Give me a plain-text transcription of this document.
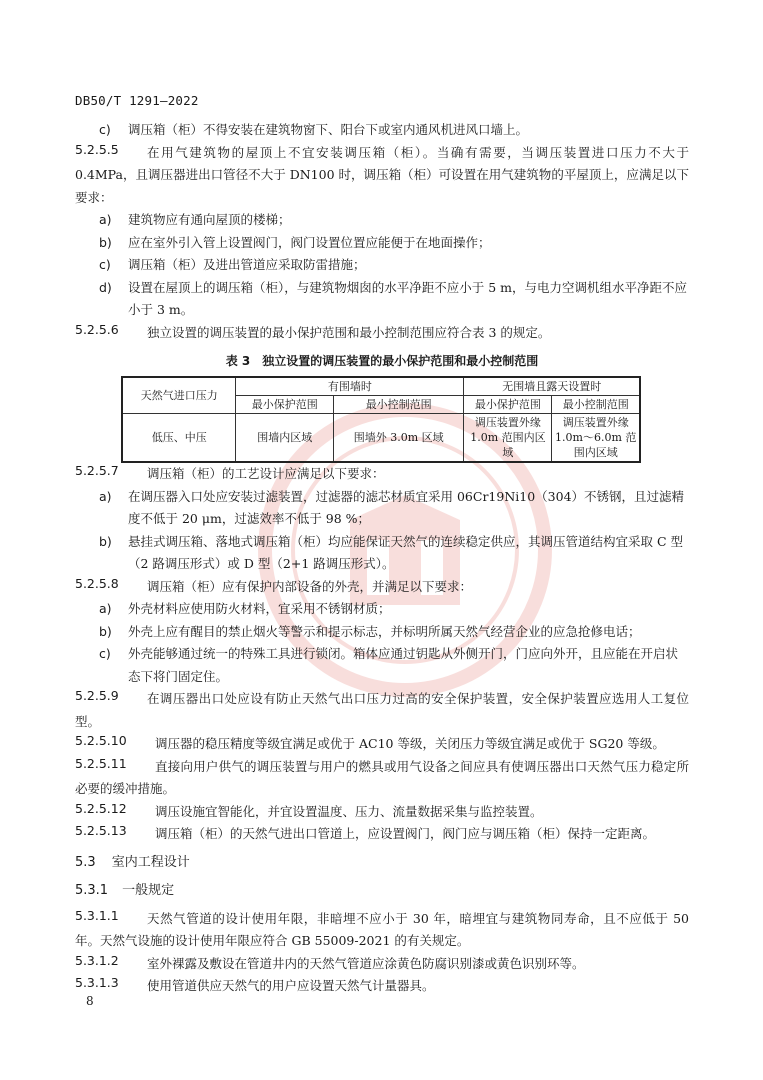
DB50/T 1291—2022
c)	调压箱（柜）不得安装在建筑物窗下、阳台下或室内通风机进风口墙上。
5.2.5.5	在用气建筑物的屋顶上不宜安装调压箱（柜）。当确有需要，当调压装置进口压力不大于 0.4MPa，且调压器进出口管径不大于 DN100 时，调压箱（柜）可设置在用气建筑物的平屋顶上，应满足以下要求：
a)	建筑物应有通向屋顶的楼梯；
b)	应在室外引入管上设置阀门，阀门设置位置应能便于在地面操作；
c)	调压箱（柜）及进出管道应采取防雷措施；
d)	设置在屋顶上的调压箱（柜），与建筑物烟囱的水平净距不应小于 5 m，与电力空调机组水平净距不应小于 3 m。
5.2.5.6	独立设置的调压装置的最小保护范围和最小控制范围应符合表 3 的规定。
表 3　独立设置的调压装置的最小保护范围和最小控制范围
天然气进口压力	有围墙时		无围墙且露天设置时	
	最小保护范围	最小控制范围	最小保护范围	最小控制范围
低压、中压	围墙内区域	围墙外 3.0m 区域	调压装置外缘 1.0m 范围内区域	调压装置外缘 1.0m～6.0m 范围内区域
5.2.5.7	调压箱（柜）的工艺设计应满足以下要求：
a)	在调压器入口处应安装过滤装置，过滤器的滤芯材质宜采用 06Cr19Ni10（304）不锈钢，且过滤精度不低于 20 μm，过滤效率不低于 98 %；
b)	悬挂式调压箱、落地式调压箱（柜）均应能保证天然气的连续稳定供应，其调压管道结构宜采取 C 型（2 路调压形式）或 D 型（2+1 路调压形式）。
5.2.5.8	调压箱（柜）应有保护内部设备的外壳，并满足以下要求：
a)	外壳材料应使用防火材料，宜采用不锈钢材质；
b)	外壳上应有醒目的禁止烟火等警示和提示标志，并标明所属天然气经营企业的应急抢修电话；
c)	外壳能够通过统一的特殊工具进行锁闭。箱体应通过钥匙从外侧开门，门应向外开，且应能在开启状态下将门固定住。
5.2.5.9	在调压器出口处应设有防止天然气出口压力过高的安全保护装置，安全保护装置应选用人工复位型。
5.2.5.10	调压器的稳压精度等级宜满足或优于 AC10 等级，关闭压力等级宜满足或优于 SG20 等级。
5.2.5.11	直接向用户供气的调压装置与用户的燃具或用气设备之间应具有使调压器出口天然气压力稳定所必要的缓冲措施。
5.2.5.12	调压设施宜智能化，并宜设置温度、压力、流量数据采集与监控装置。
5.2.5.13	调压箱（柜）的天然气进出口管道上，应设置阀门，阀门应与调压箱（柜）保持一定距离。
5.3 室内工程设计
5.3.1 一般规定
5.3.1.1	天然气管道的设计使用年限，非暗埋不应小于 30 年，暗埋宜与建筑物同寿命，且不应低于 50 年。天然气设施的设计使用年限应符合 GB 55009-2021 的有关规定。
5.3.1.2	室外裸露及敷设在管道井内的天然气管道应涂黄色防腐识别漆或黄色识别环等。
5.3.1.3	使用管道供应天然气的用户应设置天然气计量器具。
8
